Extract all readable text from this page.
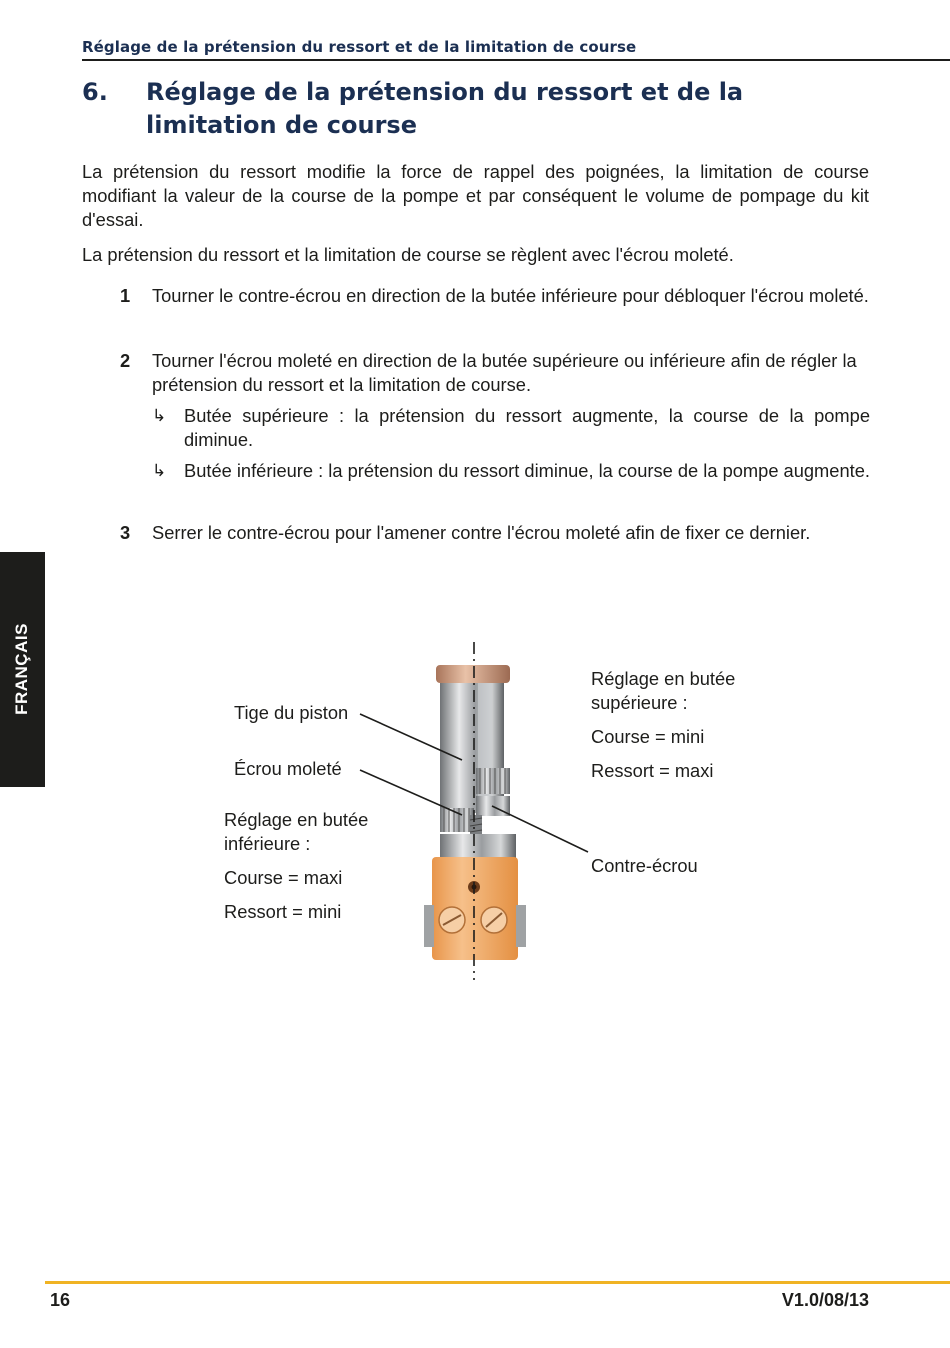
Réglage de la prétension du ressort et de la limitation de course
6. Réglage de la prétension du ressort et de la limitation de course

La prétension du ressort modifie la force de rappel des poignées, la limitation de course modifiant la valeur de la course de la pompe et par conséquent le volume de pompage du kit d'essai.

La prétension du ressort et la limitation de course se règlent avec l'écrou moleté.

1 Tourner le contre-écrou en direction de la butée inférieure pour débloquer l'écrou moleté.
2 Tourner l'écrou moleté en direction de la butée supérieure ou inférieure afin de régler la prétension du ressort et la limitation de course.
↳ Butée supérieure : la prétension du ressort augmente, la course de la pompe diminue.
↳ Butée inférieure : la prétension du ressort diminue, la course de la pompe augmente.
3 Serrer le contre-écrou pour l'amener contre l'écrou moleté afin de fixer ce dernier.
FRANÇAIS	Tige du piston
Écrou moleté
Réglage en butée
inférieure :
Course = maxi
Ressort = mini
Réglage en butée
supérieure :
Course = mini
Ressort = maxi
Contre-écrou
16	V1.0/08/13
